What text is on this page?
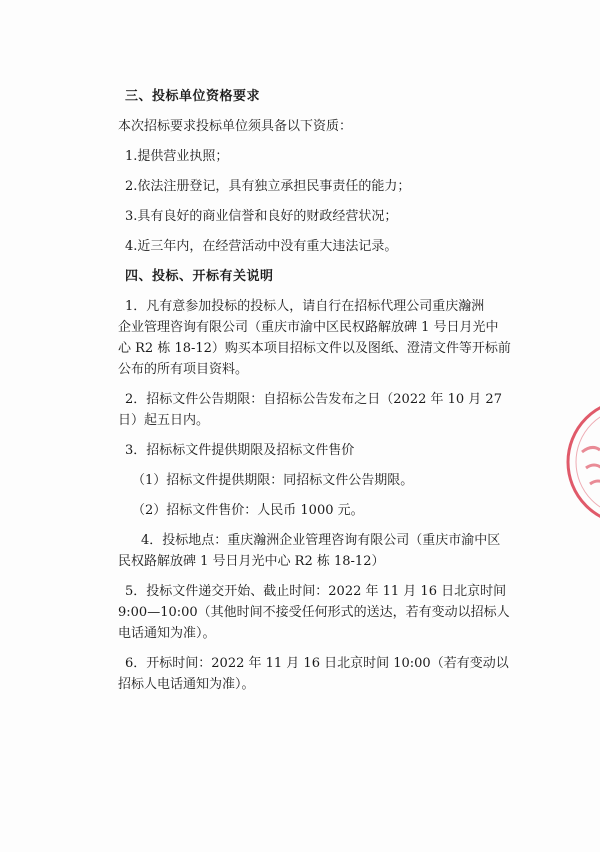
三、投标单位资格要求
本次招标要求投标单位须具备以下资质：
1.提供营业执照；
2.依法注册登记，具有独立承担民事责任的能力；
3.具有良好的商业信誉和良好的财政经营状况；
4.近三年内，在经营活动中没有重大违法记录。
四、投标、开标有关说明
1．凡有意参加投标的投标人，请自行在招标代理公司重庆瀚洲
企业管理咨询有限公司（重庆市渝中区民权路解放碑 1 号日月光中
心 R2 栋 18-12）购买本项目招标文件以及图纸、澄清文件等开标前
公布的所有项目资料。
2．招标文件公告期限：自招标公告发布之日（2022 年 10 月 27
日）起五日内。
3．招标标文件提供期限及招标文件售价
（1）招标文件提供期限：同招标文件公告期限。
（2）招标文件售价：人民币 1000 元。
4．投标地点：重庆瀚洲企业管理咨询有限公司（重庆市渝中区
民权路解放碑 1 号日月光中心 R2 栋 18-12）
5．投标文件递交开始、截止时间：2022 年 11 月 16 日北京时间
9:00—10:00（其他时间不接受任何形式的送达，若有变动以招标人
电话通知为准）。
6．开标时间：2022 年 11 月 16 日北京时间 10:00（若有变动以
招标人电话通知为准）。
